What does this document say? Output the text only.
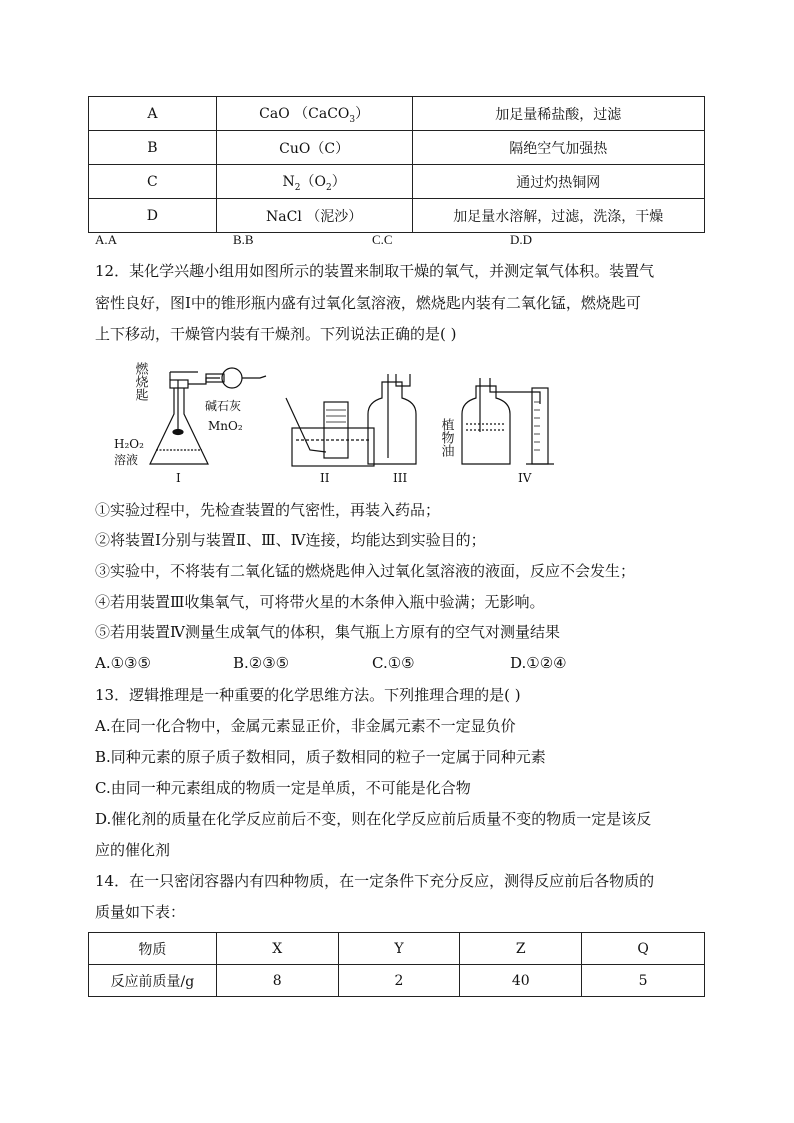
A	CaO （CaCO$_3$）	加足量稀盐酸，过滤
B	CuO（C）	隔绝空气加强热
C	$N_2(O_2)$	通过灼热铜网
D	NaCl （泥沙）	加足量水溶解，过滤，洗涤，干燥
A.A	B.B	C.C	D.D
12．某化学兴趣小组用如图所示的装置来制取干燥的氧气，并测定氧气体积。装置气
密性良好，图Ⅰ中的锥形瓶内盛有过氧化氢溶液，燃烧匙内装有二氧化锰，燃烧匙可
上下移动，干燥管内装有干燥剂。下列说法正确的是( )
燃烧匙
碱石灰
MnO₂
H₂O₂
溶液
植物油
I	II	III	IV
①实验过程中，先检查装置的气密性，再装入药品；
②将装置Ⅰ分别与装置Ⅱ、Ⅲ、Ⅳ连接，均能达到实验目的；
③实验中，不将装有二氧化锰的燃烧匙伸入过氧化氢溶液的液面，反应不会发生；
④若用装置Ⅲ收集氧气，可将带火星的木条伸入瓶中验满；无影响。
⑤若用装置Ⅳ测量生成氧气的体积，集气瓶上方原有的空气对测量结果
A.①③⑤	B.②③⑤	C.①⑤	D.①②④
13．逻辑推理是一种重要的化学思维方法。下列推理合理的是( )
A.在同一化合物中，金属元素显正价，非金属元素不一定显负价
B.同种元素的原子质子数相同，质子数相同的粒子一定属于同种元素
C.由同一种元素组成的物质一定是单质，不可能是化合物
D.催化剂的质量在化学反应前后不变，则在化学反应前后质量不变的物质一定是该反
应的催化剂
14．在一只密闭容器内有四种物质，在一定条件下充分反应，测得反应前后各物质的
质量如下表：
物质	X	Y	Z	Q
反应前质量/g	8	2	40	5
